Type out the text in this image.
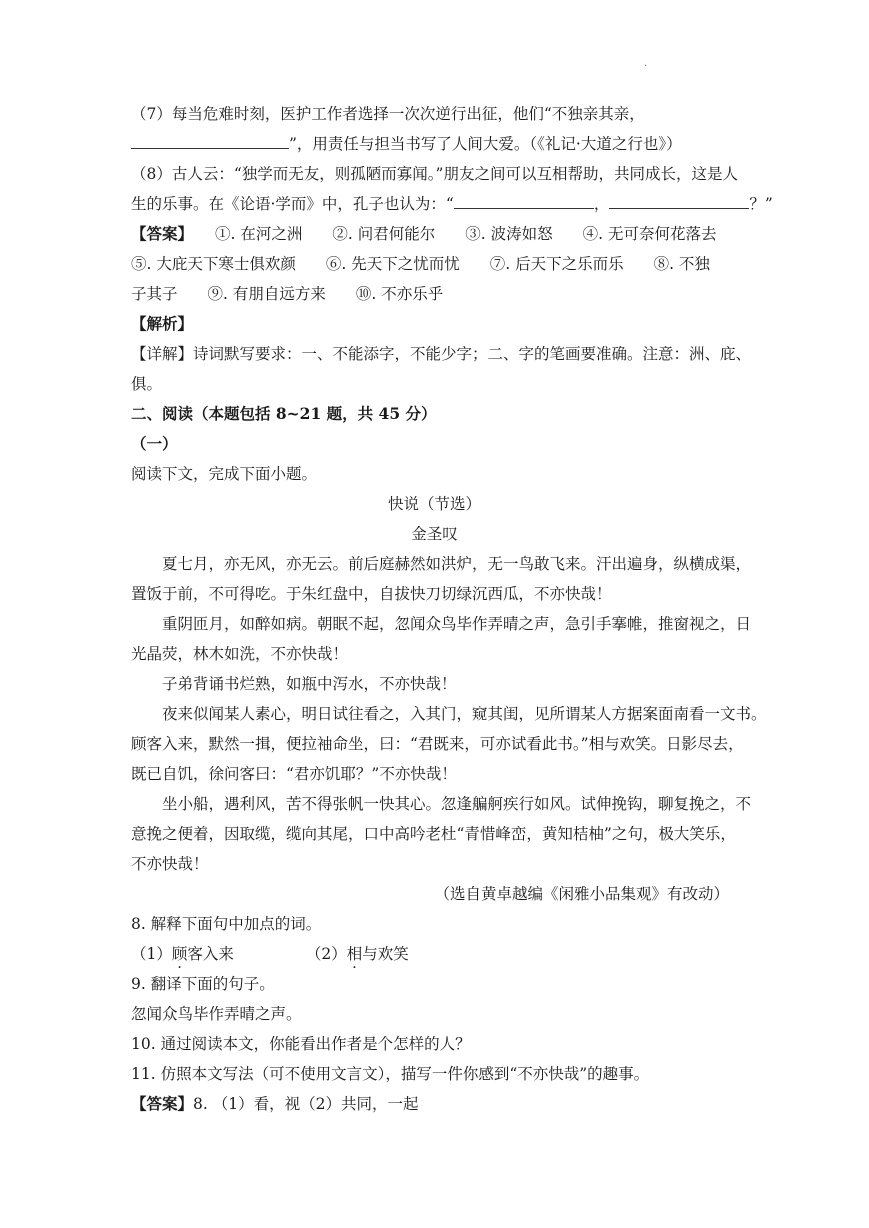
.
（7）每当危难时刻，医护工作者选择一次次逆行出征，他们“不独亲其亲，
”，用责任与担当书写了人间大爱。（《礼记·大道之行也》）
（8）古人云：“独学而无友，则孤陋而寡闻。”朋友之间可以互相帮助，共同成长，这是人
生的乐事。在《论语·学而》中，孔子也认为：“	，	？”
【答案】 ①. 在河之洲 ②. 问君何能尔 ③. 波涛如怒 ④. 无可奈何花落去
⑤. 大庇天下寒士俱欢颜 ⑥. 先天下之忧而忧 ⑦. 后天下之乐而乐 ⑧. 不独
子其子 ⑨. 有朋自远方来 ⑩. 不亦乐乎
【解析】
【详解】诗词默写要求：一、不能添字，不能少字；二、字的笔画要准确。注意：洲、庇、
俱。
二、阅读（本题包括 8~21 题，共 45 分）
（一）
阅读下文，完成下面小题。
快说（节选）
金圣叹
夏七月，亦无风，亦无云。前后庭赫然如洪炉，无一鸟敢飞来。汗出遍身，纵横成渠，
置饭于前，不可得吃。于朱红盘中，自拔快刀切绿沉西瓜，不亦快哉！
重阴匝月，如醉如病。朝眠不起，忽闻众鸟毕作弄晴之声，急引手搴帷，推窗视之，日
光晶荧，林木如洗，不亦快哉！
子弟背诵书烂熟，如瓶中泻水，不亦快哉！
夜来似闻某人素心，明日试往看之，入其门，窥其闺，见所谓某人方据案面南看一文书。
顾客入来，默然一揖，便拉袖命坐，曰：“君既来，可亦试看此书。”相与欢笑。日影尽去，
既已自饥，徐问客曰：“君亦饥耶？”不亦快哉！
坐小船，遇利风，苦不得张帆一快其心。忽逢艑舸疾行如风。试伸挽钩，聊复挽之，不
意挽之便着，因取缆，缆向其尾，口中高吟老杜“青惜峰峦，黄知桔柚”之句，极大笑乐，
不亦快哉！
（选自黄卓越编《闲雅小品集观》有改动）
8. 解释下面句中加点的词。
（1）顾客入来	（2）相与欢笑
9. 翻译下面的句子。
忽闻众鸟毕作弄晴之声。
10. 通过阅读本文，你能看出作者是个怎样的人？
11. 仿照本文写法（可不使用文言文），描写一件你感到“不亦快哉”的趣事。
【答案】8. （1）看，视（2）共同，一起
